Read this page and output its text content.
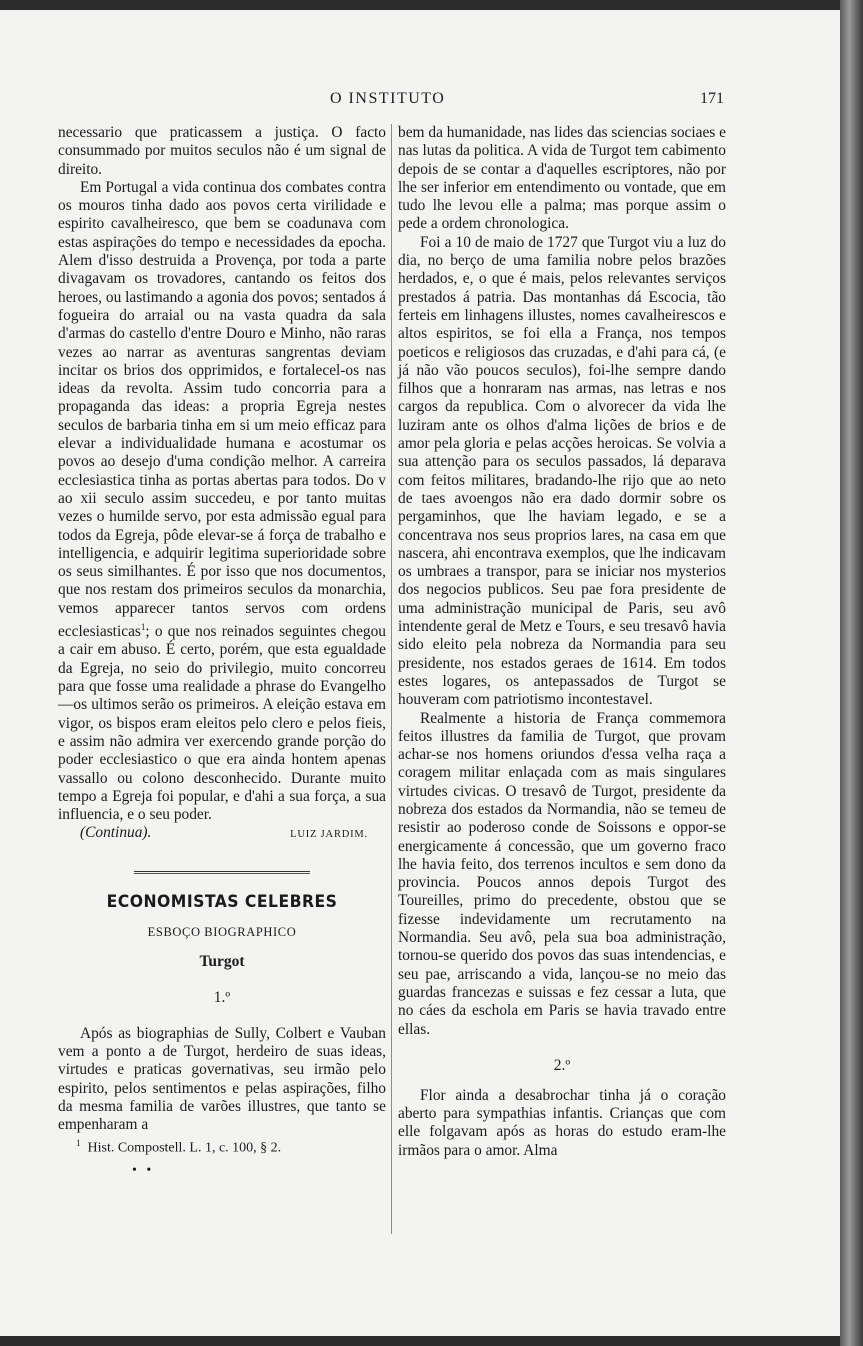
O INSTITUTO	171

necessario que praticassem a justiça. O facto consummado por muitos seculos não é um signal de direito.

Em Portugal a vida continua dos combates contra os mouros tinha dado aos povos certa virilidade e espirito cavalheiresco, que bem se coadunava com estas aspirações do tempo e necessidades da epocha. Alem d'isso destruida a Provença, por toda a parte divagavam os trovadores, cantando os feitos dos heroes, ou lastimando a agonia dos povos; sentados á fogueira do arraial ou na vasta quadra da sala d'armas do castello d'entre Douro e Minho, não raras vezes ao narrar as aventuras sangrentas deviam incitar os brios dos opprimidos, e fortalecel-os nas ideas da revolta. Assim tudo concorria para a propaganda das ideas: a propria Egreja nestes seculos de barbaria tinha em si um meio efficaz para elevar a individualidade humana e acostumar os povos ao desejo d'uma condição melhor. A carreira ecclesiastica tinha as portas abertas para todos. Do v ao xii seculo assim succedeu, e por tanto muitas vezes o humilde servo, por esta admissão egual para todos da Egreja, pôde elevar-se á força de trabalho e intelligencia, e adquirir legitima superioridade sobre os seus similhantes. É por isso que nos documentos, que nos restam dos primeiros seculos da monarchia, vemos apparecer tantos servos com ordens ecclesiasticas$^1$; o que nos reinados seguintes chegou a cair em abuso. É certo, porém, que esta egualdade da Egreja, no seio do privilegio, muito concorreu para que fosse uma realidade a phrase do Evangelho—os ultimos serão os primeiros. A eleição estava em vigor, os bispos eram eleitos pelo clero e pelos fieis, e assim não admira ver exercendo grande porção do poder ecclesiastico o que era ainda hontem apenas vassallo ou colono desconhecido. Durante muito tempo a Egreja foi popular, e d'ahi a sua força, a sua influencia, e o seu poder.

(Continua).	LUIZ JARDIM.
ECONOMISTAS CELEBRES
ESBOÇO BIOGRAPHICO
Turgot
1.º

Após as biographias de Sully, Colbert e Vauban vem a ponto a de Turgot, herdeiro de suas ideas, virtudes e praticas governativas, seu irmão pelo espirito, pelos sentimentos e pelas aspirações, filho da mesma familia de varões illustres, que tanto se empenharam a

$^1$ Hist. Compostell. L. 1, c. 100, § 2.

• •

bem da humanidade, nas lides das sciencias sociaes e nas lutas da politica. A vida de Turgot tem cabimento depois de se contar a d'aquelles escriptores, não por lhe ser inferior em entendimento ou vontade, que em tudo lhe levou elle a palma; mas porque assim o pede a ordem chronologica.

Foi a 10 de maio de 1727 que Turgot viu a luz do dia, no berço de uma familia nobre pelos brazões herdados, e, o que é mais, pelos relevantes serviços prestados á patria. Das montanhas dá Escocia, tão ferteis em linhagens illustes, nomes cavalheirescos e altos espiritos, se foi ella a França, nos tempos poeticos e religiosos das cruzadas, e d'ahi para cá, (e já não vão poucos seculos), foi-lhe sempre dando filhos que a honraram nas armas, nas letras e nos cargos da republica. Com o alvorecer da vida lhe luziram ante os olhos d'alma lições de brios e de amor pela gloria e pelas acções heroicas. Se volvia a sua attenção para os seculos passados, lá deparava com feitos militares, bradando-lhe rijo que ao neto de taes avoengos não era dado dormir sobre os pergaminhos, que lhe haviam legado, e se a concentrava nos seus proprios lares, na casa em que nascera, ahi encontrava exemplos, que lhe indicavam os umbraes a transpor, para se iniciar nos mysterios dos negocios publicos. Seu pae fora presidente de uma administração municipal de Paris, seu avô intendente geral de Metz e Tours, e seu tresavô havia sido eleito pela nobreza da Normandia para seu presidente, nos estados geraes de 1614. Em todos estes logares, os antepassados de Turgot se houveram com patriotismo incontestavel.

Realmente a historia de França commemora feitos illustres da familia de Turgot, que provam achar-se nos homens oriundos d'essa velha raça a coragem militar enlaçada com as mais singulares virtudes civicas. O tresavô de Turgot, presidente da nobreza dos estados da Normandia, não se temeu de resistir ao poderoso conde de Soissons e oppor-se energicamente á concessão, que um governo fraco lhe havia feito, dos terrenos incultos e sem dono da provincia. Poucos annos depois Turgot des Toureilles, primo do precedente, obstou que se fizesse indevidamente um recrutamento na Normandia. Seu avô, pela sua boa administração, tornou-se querido dos povos das suas intendencias, e seu pae, arriscando a vida, lançou-se no meio das guardas francezas e suissas e fez cessar a luta, que no cáes da eschola em Paris se havia travado entre ellas.

2.º

Flor ainda a desabrochar tinha já o coração aberto para sympathias infantis. Crianças que com elle folgavam após as horas do estudo eram-lhe irmãos para o amor. Alma
